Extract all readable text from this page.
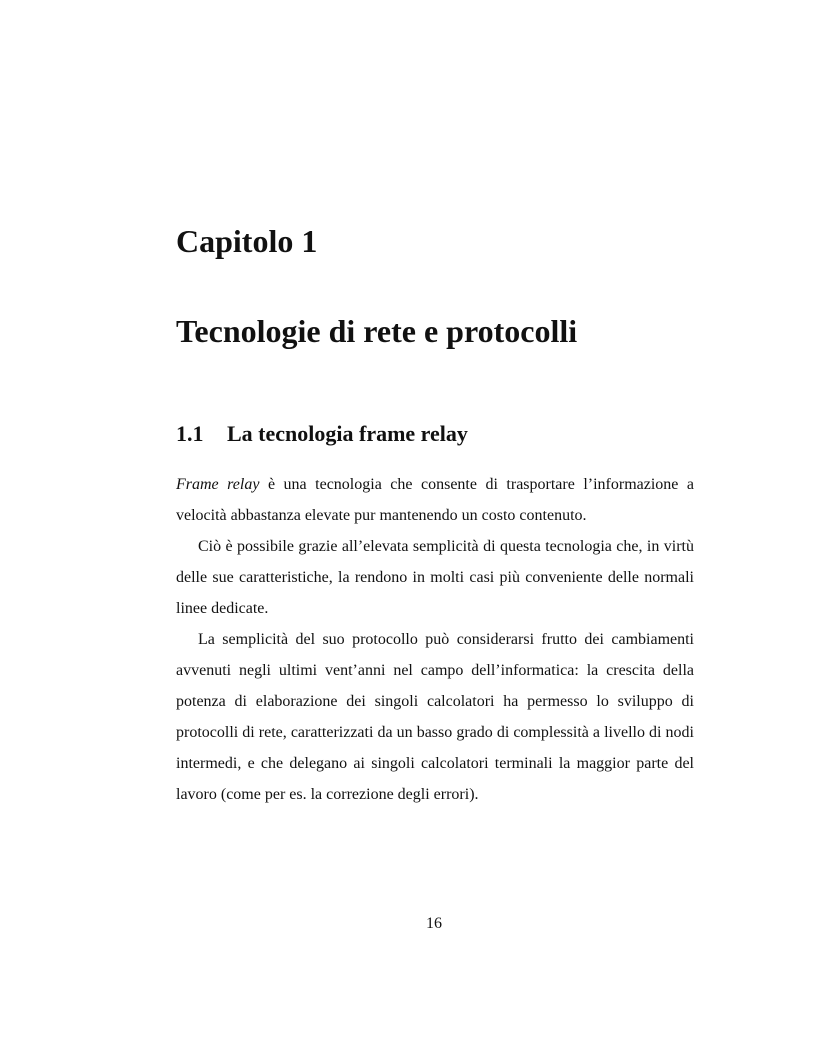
Capitolo 1
Tecnologie di rete e protocolli
1.1 La tecnologia frame relay

Frame relay è una tecnologia che consente di trasportare l’informazione a velocità abbastanza elevate pur mantenendo un costo contenuto.

Ciò è possibile grazie all’elevata semplicità di questa tecnologia che, in virtù delle sue caratteristiche, la rendono in molti casi più conveniente delle normali linee dedicate.

La semplicità del suo protocollo può considerarsi frutto dei cambiamenti avvenuti negli ultimi vent’anni nel campo dell’informatica: la crescita della potenza di elaborazione dei singoli calcolatori ha permesso lo sviluppo di protocolli di rete, caratterizzati da un basso grado di complessità a livello di nodi intermedi, e che delegano ai singoli calcolatori terminali la maggior parte del lavoro (come per es. la correzione degli errori).

16
